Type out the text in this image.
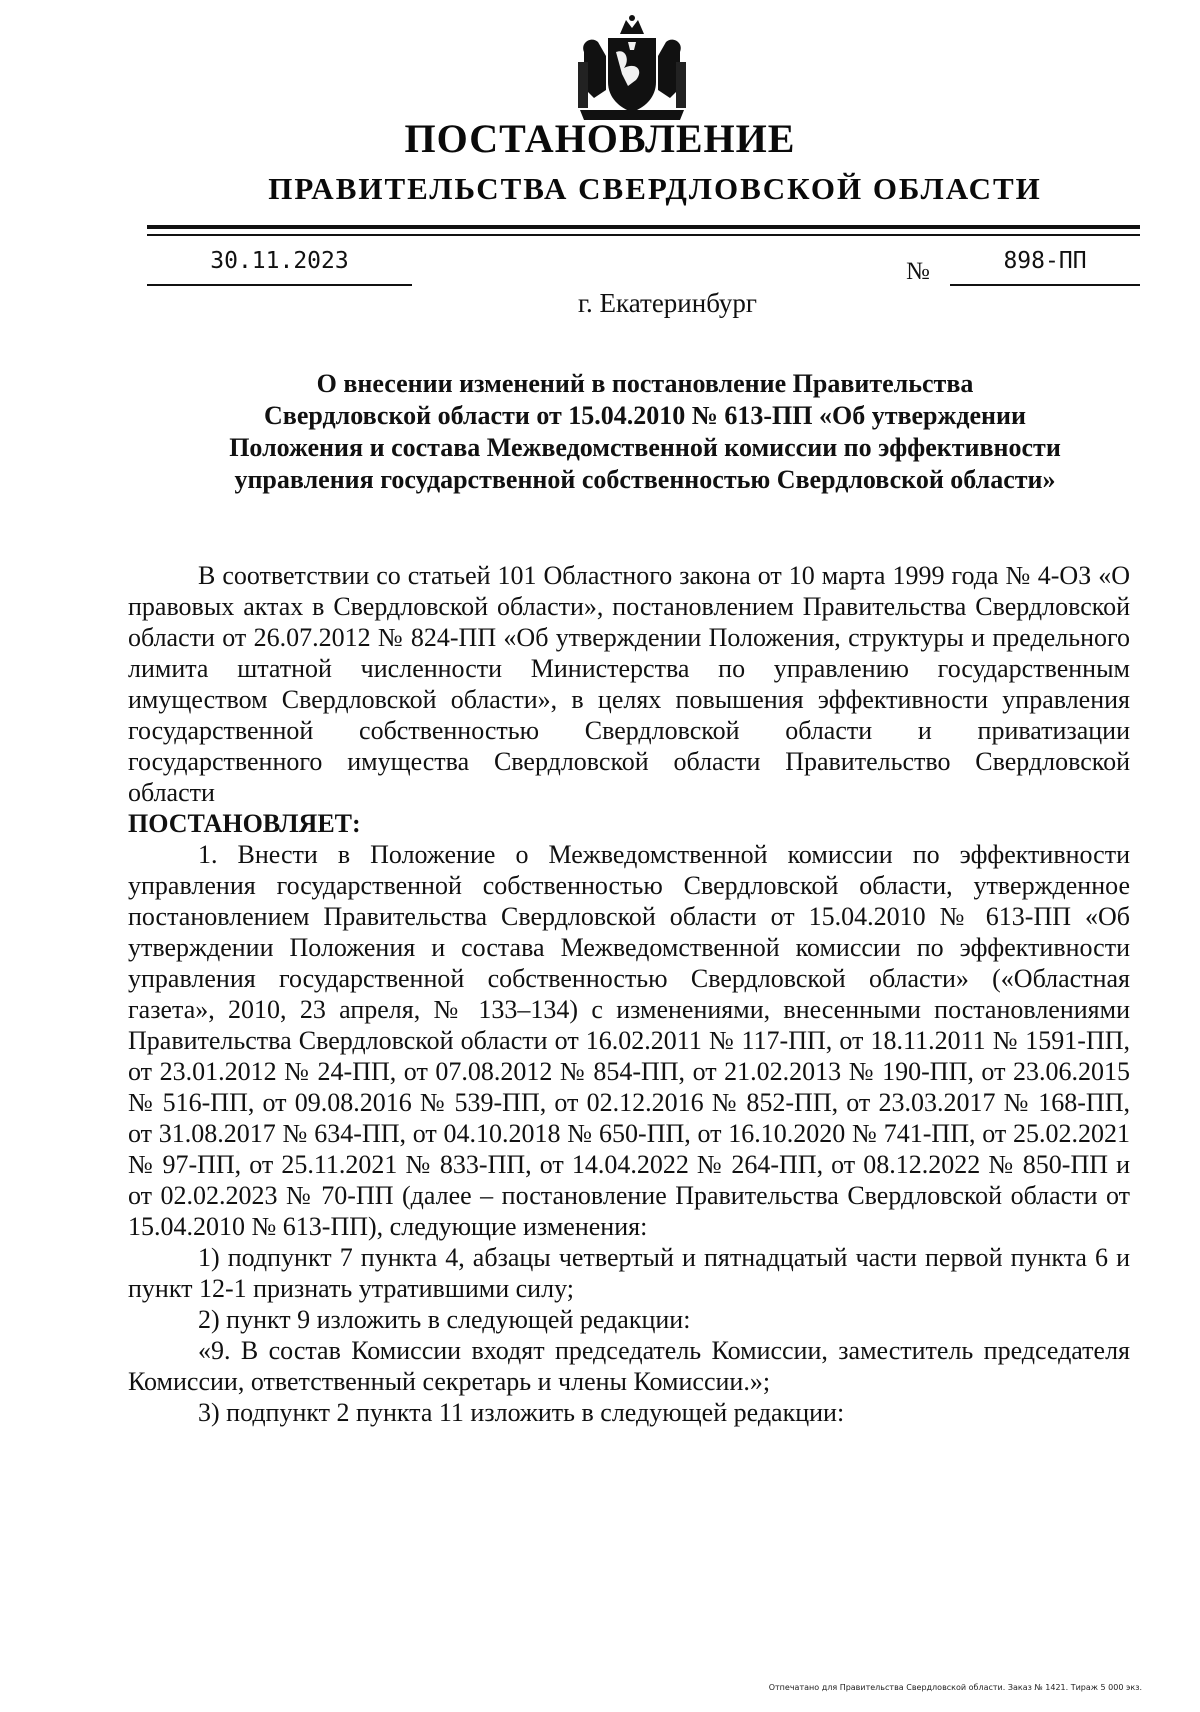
ПОСТАНОВЛЕНИЕ
ПРАВИТЕЛЬСТВА СВЕРДЛОВСКОЙ ОБЛАСТИ
30.11.2023	№	898-ПП
г. Екатеринбург
О внесении изменений в постановление Правительства
Свердловской области от 15.04.2010 № 613-ПП «Об утверждении
Положения и состава Межведомственной комиссии по эффективности
управления государственной собственностью Свердловской области»

В соответствии со статьей 101 Областного закона от 10 марта 1999 года № 4-ОЗ «О правовых актах в Свердловской области», постановлением Правительства Свердловской области от 26.07.2012 № 824-ПП «Об утверждении Положения, структуры и предельного лимита штатной численности Министерства по управлению государственным имуществом Свердловской области», в целях повышения эффективности управления государственной собственностью Свердловской области и приватизации государственного имущества Свердловской области Правительство Свердловской области

ПОСТАНОВЛЯЕТ:

1. Внести в Положение о Межведомственной комиссии по эффективности управления государственной собственностью Свердловской области, утвержденное постановлением Правительства Свердловской области от 15.04.2010 № 613-ПП «Об утверждении Положения и состава Межведомственной комиссии по эффективности управления государственной собственностью Свердловской области» («Областная газета», 2010, 23 апреля, № 133–134) с изменениями, внесенными постановлениями Правительства Свердловской области от 16.02.2011 № 117-ПП, от 18.11.2011 № 1591-ПП, от 23.01.2012 № 24-ПП, от 07.08.2012 № 854-ПП, от 21.02.2013 № 190-ПП, от 23.06.2015 № 516-ПП, от 09.08.2016 № 539-ПП, от 02.12.2016 № 852-ПП, от 23.03.2017 № 168-ПП, от 31.08.2017 № 634-ПП, от 04.10.2018 № 650-ПП, от 16.10.2020 № 741-ПП, от 25.02.2021 № 97-ПП, от 25.11.2021 № 833-ПП, от 14.04.2022 № 264-ПП, от 08.12.2022 № 850-ПП и от 02.02.2023 № 70-ПП (далее – постановление Правительства Свердловской области от 15.04.2010 № 613-ПП), следующие изменения:

1) подпункт 7 пункта 4, абзацы четвертый и пятнадцатый части первой пункта 6 и пункт 12-1 признать утратившими силу;

2) пункт 9 изложить в следующей редакции:

«9. В состав Комиссии входят председатель Комиссии, заместитель председателя Комиссии, ответственный секретарь и члены Комиссии.»;

3) подпункт 2 пункта 11 изложить в следующей редакции:

Отпечатано для Правительства Свердловской области. Заказ № 1421. Тираж 5 000 экз.
